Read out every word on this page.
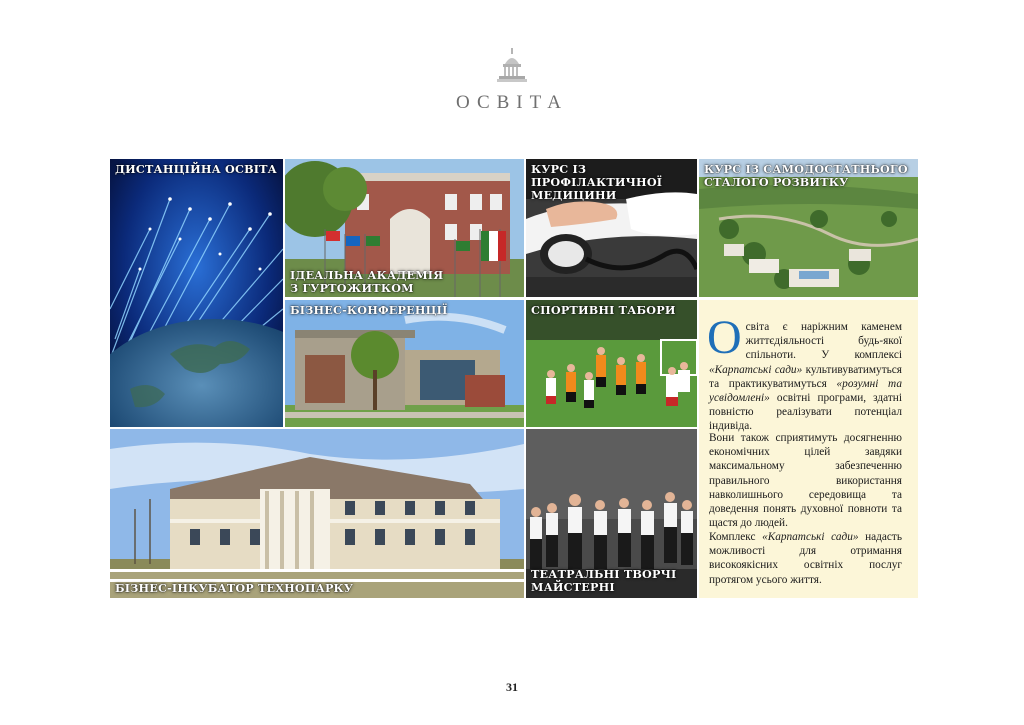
ОСВІТА
ДИСТАНЦІЙНА ОСВІТА
ІДЕАЛЬНА АКАДЕМІЯ
З ГУРТОЖИТКОМ
КУРС ІЗ ПРОФІЛАКТИЧНОЇ
МЕДИЦИНИ
КУРС ІЗ САМОДОСТАТНЬОГО
СТАЛОГО РОЗВИТКУ
БІЗНЕС-КОНФЕРЕНЦІЇ	СПОРТИВНІ ТАБОРИ
БІЗНЕС-ІНКУБАТОР ТЕХНОПАРКУ
ТЕАТРАЛЬНІ ТВОРЧІ
МАЙСТЕРНІ
Освіта є наріжним каменем життєдіяльності будь-якої спільноти. У комплексі «Карпатські сади» культивуватимуться та практикуватимуться «розумні та усвідомлені» освітні програми, здатні повністю реалізувати потенціал індивіда.
Вони також сприятимуть досягненню економічних цілей завдяки максимальному забезпеченню правильного використання навколишнього середовища та доведення понять духовної повноти та щастя до людей.
Комплекс «Карпатські сади» надасть можливості для отримання високоякісних освітніх послуг протягом усього життя.
31
